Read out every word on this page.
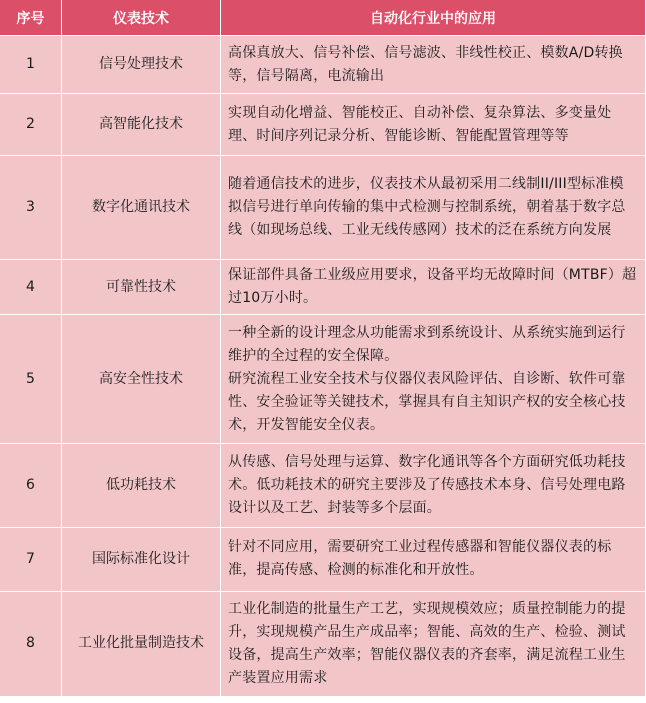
序号	仪表技术	自动化行业中的应用
1	信号处理技术	高保真放大、信号补偿、信号滤波、非线性校正、模数A/D转换等，信号隔离，电流输出

2	高智能化技术	实现自动化增益、智能校正、自动补偿、复杂算法、多变量处理、时间序列记录分析、智能诊断、智能配置管理等等

3	数字化通讯技术	随着通信技术的进步，仪表技术从最初采用二线制II/III型标准模拟信号进行单向传输的集中式检测与控制系统，朝着基于数字总线（如现场总线、工业无线传感网）技术的泛在系统方向发展

4	可靠性技术	保证部件具备工业级应用要求，设备平均无故障时间（MTBF）超过10万小时。

5	高安全性技术	一种全新的设计理念从功能需求到系统设计、从系统实施到运行维护的全过程的安全保障。
研究流程工业安全技术与仪器仪表风险评估、自诊断、软件可靠性、安全验证等关键技术，掌握具有自主知识产权的安全核心技术，开发智能安全仪表。

6	低功耗技术	从传感、信号处理与运算、数字化通讯等各个方面研究低功耗技术。低功耗技术的研究主要涉及了传感技术本身、信号处理电路设计以及工艺、封装等多个层面。

7	国际标准化设计	针对不同应用，需要研究工业过程传感器和智能仪器仪表的标准，提高传感、检测的标准化和开放性。

8	工业化批量制造技术	工业化制造的批量生产工艺，实现规模效应；质量控制能力的提升，实现规模产品生产成品率；智能、高效的生产、检验、测试设备，提高生产效率；智能仪器仪表的齐套率，满足流程工业生产装置应用需求
